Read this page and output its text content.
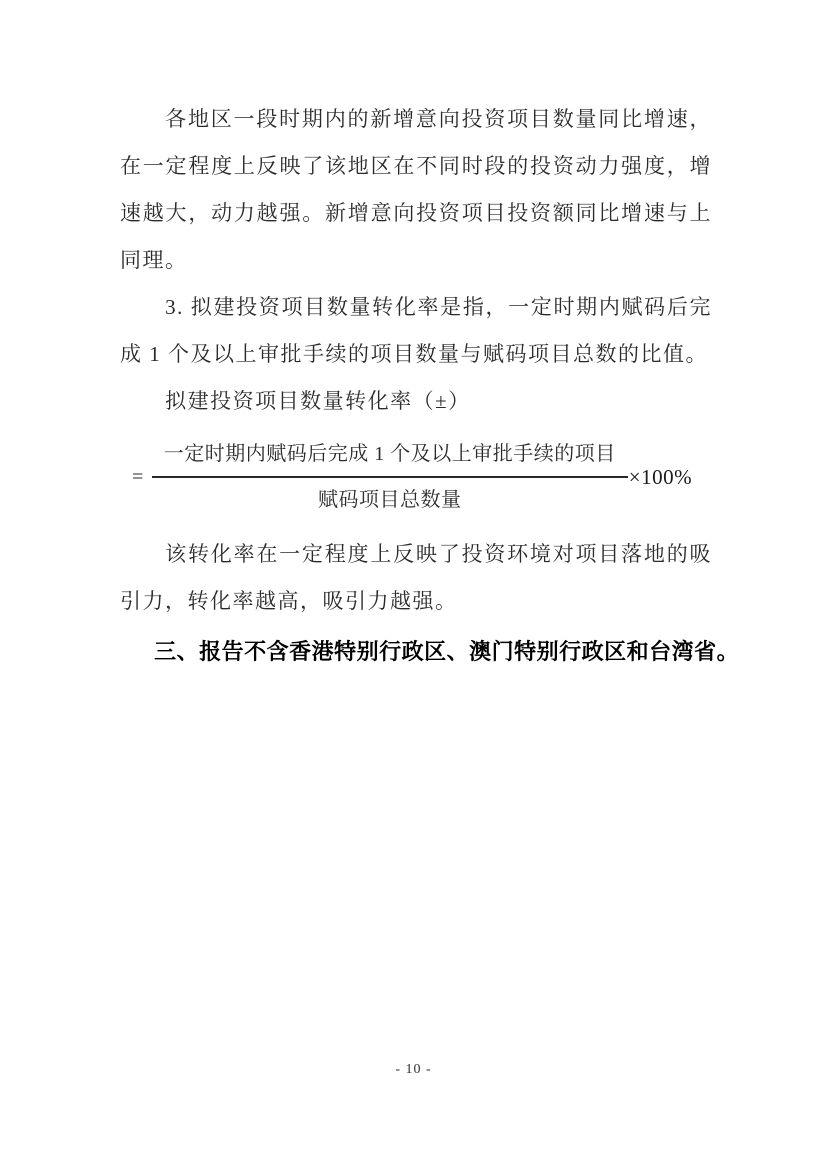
各地区一段时期内的新增意向投资项目数量同比增速，在一定程度上反映了该地区在不同时段的投资动力强度，增速越大，动力越强。新增意向投资项目投资额同比增速与上同理。

3. 拟建投资项目数量转化率是指，一定时期内赋码后完成 1 个及以上审批手续的项目数量与赋码项目总数的比值。

拟建投资项目数量转化率（±）

= $\frac{\text{一定时期内赋码后完成 1 个及以上审批手续的项目}}{\text{赋码项目总数量}} \times 100\%$

该转化率在一定程度上反映了投资环境对项目落地的吸引力，转化率越高，吸引力越强。

三、报告不含香港特别行政区、澳门特别行政区和台湾省。

- 10 -
